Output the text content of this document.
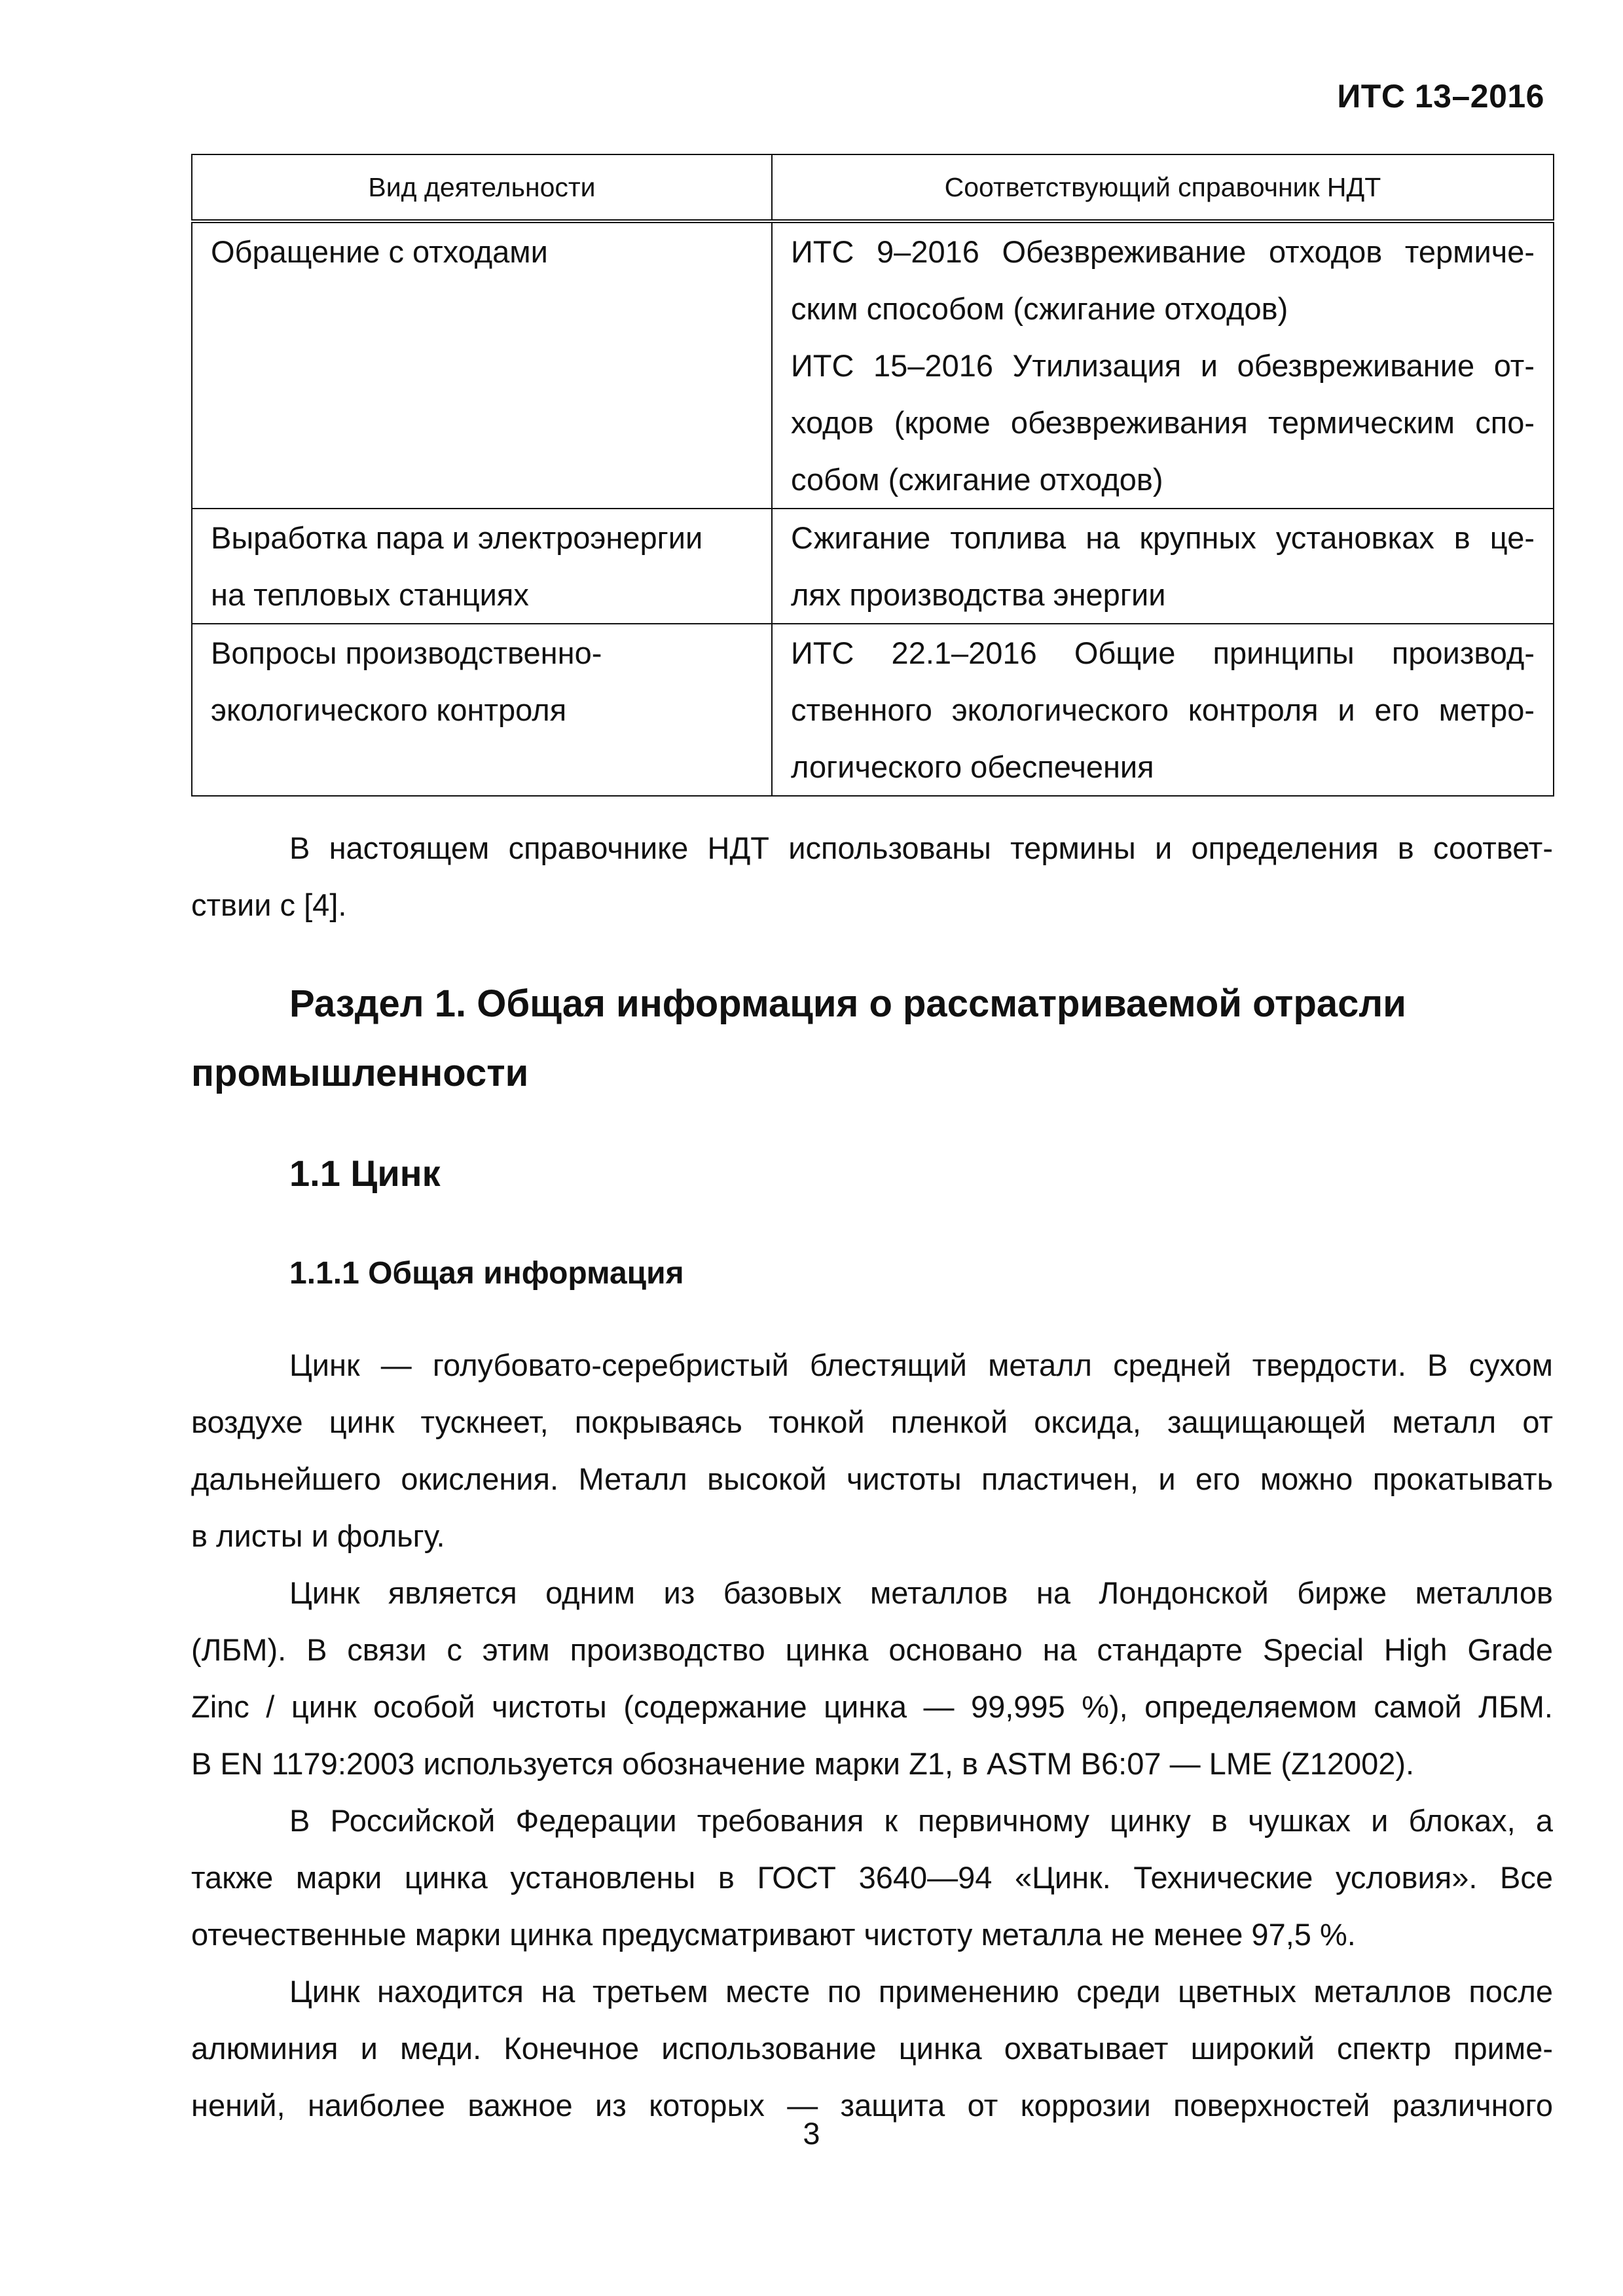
ИТС 13–2016
Вид деятельности	Соответствующий справочник НДТ

Обращение с отходами	ИТС 9–2016 Обезвреживание отходов термиче-
ским способом (сжигание отходов)
ИТС 15–2016 Утилизация и обезвреживание от-
ходов (кроме обезвреживания термическим спо-
собом (сжигание отходов)

Выработка пара и электроэнергии
на тепловых станциях	Сжигание топлива на крупных установках в це-
лях производства энергии

Вопросы производственно-
экологического контроля	ИТС 22.1–2016 Общие принципы производ-
ственного экологического контроля и его метро-
логического обеспечения
В настоящем справочнике НДТ использованы термины и определения в соответ-
ствии с [4].
Раздел 1. Общая информация о рассматриваемой отрасли
промышленности
1.1 Цинк
1.1.1 Общая информация
Цинк — голубовато-серебристый блестящий металл средней твердости. В сухом
воздухе цинк тускнеет, покрываясь тонкой пленкой оксида, защищающей металл от
дальнейшего окисления. Металл высокой чистоты пластичен, и его можно прокатывать
в листы и фольгу.
Цинк является одним из базовых металлов на Лондонской бирже металлов
(ЛБМ). В связи с этим производство цинка основано на стандарте Special High Grade
Zinc / цинк особой чистоты (содержание цинка — 99,995 %), определяемом самой ЛБМ.
В EN 1179:2003 используется обозначение марки Z1, в ASTM B6:07 — LME (Z12002).
В Российской Федерации требования к первичному цинку в чушках и блоках, а
также марки цинка установлены в ГОСТ 3640—94 «Цинк. Технические условия». Все
отечественные марки цинка предусматривают чистоту металла не менее 97,5 %.
Цинк находится на третьем месте по применению среди цветных металлов после
алюминия и меди. Конечное использование цинка охватывает широкий спектр приме-
нений, наиболее важное из которых — защита от коррозии поверхностей различного
3
